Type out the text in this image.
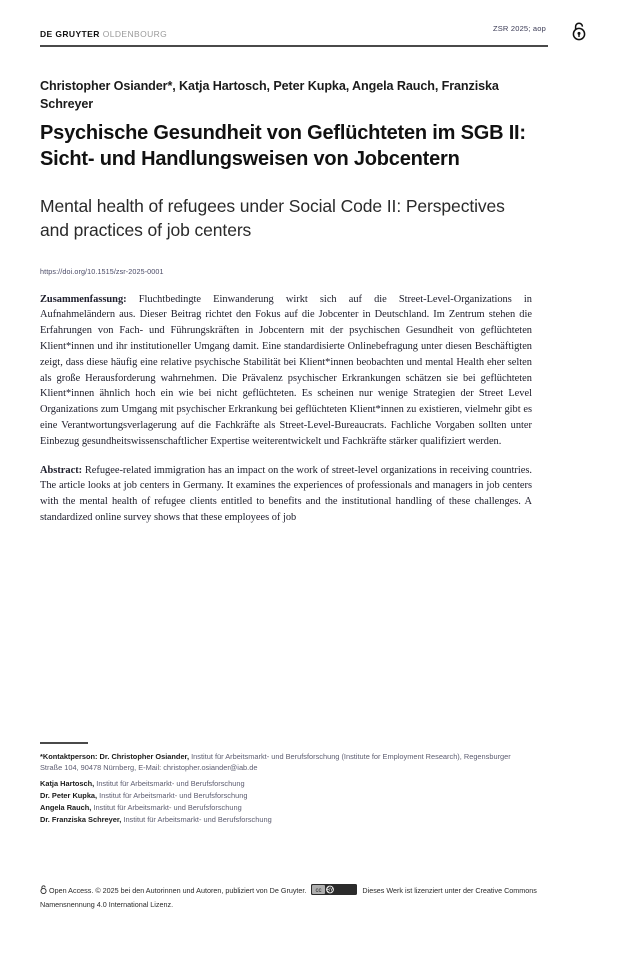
DE GRUYTER OLDENBOURG
ZSR 2025; aop

Christopher Osiander*, Katja Hartosch, Peter Kupka, Angela Rauch, Franziska Schreyer

Psychische Gesundheit von Geflüchteten im SGB II: Sicht- und Handlungsweisen von Jobcentern
Mental health of refugees under Social Code II: Perspectives and practices of job centers

https://doi.org/10.1515/zsr-2025-0001

Zusammenfassung: Fluchtbedingte Einwanderung wirkt sich auf die Street-Level-Organizations in Aufnahmeländern aus. Dieser Beitrag richtet den Fokus auf die Jobcenter in Deutschland. Im Zentrum stehen die Erfahrungen von Fach- und Führungskräften in Jobcentern mit der psychischen Gesundheit von geflüchteten Klient*innen und ihr institutioneller Umgang damit. Eine standardisierte Onlinebefragung unter diesen Beschäftigten zeigt, dass diese häufig eine relative psychische Stabilität bei Klient*innen beobachten und mental Health eher selten als große Herausforderung wahrnehmen. Die Prävalenz psychischer Erkrankungen schätzen sie bei geflüchteten Klient*innen ähnlich hoch ein wie bei nicht geflüchteten. Es scheinen nur wenige Strategien der Street Level Organizations zum Umgang mit psychischer Erkrankung bei geflüchteten Klient*innen zu existieren, vielmehr gibt es eine Verantwortungsverlagerung auf die Fachkräfte als Street-Level-Bureaucrats. Fachliche Vorgaben sollten unter Einbezug gesundheitswissenschaftlicher Expertise weiterentwickelt und Fachkräfte stärker qualifiziert werden.

Abstract: Refugee-related immigration has an impact on the work of street-level organizations in receiving countries. The article looks at job centers in Germany. It examines the experiences of professionals and managers in job centers with the mental health of refugee clients entitled to benefits and the institutional handling of these challenges. A standardized online survey shows that these employees of job

*Kontaktperson: Dr. Christopher Osiander, Institut für Arbeitsmarkt- und Berufsforschung (Institute for Employment Research), Regensburger Straße 104, 90478 Nürnberg, E-Mail: christopher.osiander@iab.de

Katja Hartosch, Institut für Arbeitsmarkt- und Berufsforschung

Dr. Peter Kupka, Institut für Arbeitsmarkt- und Berufsforschung

Angela Rauch, Institut für Arbeitsmarkt- und Berufsforschung

Dr. Franziska Schreyer, Institut für Arbeitsmarkt- und Berufsforschung

Open Access. © 2025 bei den Autorinnen und Autoren, publiziert von De Gruyter. cc BY	Dieses Werk ist lizenziert unter der Creative Commons Namensnennung 4.0 International Lizenz.
